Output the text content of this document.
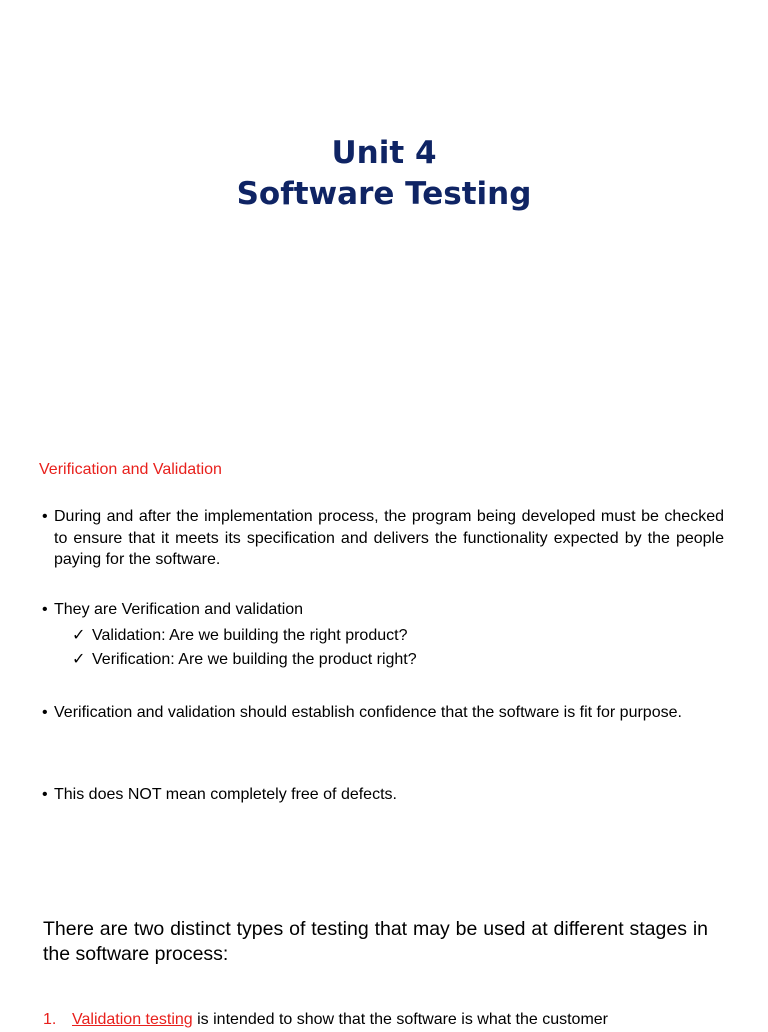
Unit 4
Software Testing
Verification and Validation
• During and after the implementation process, the program being developed must be checked to ensure that it meets its specification and delivers the functionality expected by the people paying for the software.
• They are Verification and validation
✓ Validation: Are we building the right product?
✓ Verification: Are we building the product right?
• Verification and validation should establish confidence that the software is fit for purpose.
• This does NOT mean completely free of defects.
There are two distinct types of testing that may be used at different stages in the software process:
1. Validation testing is intended to show that the software is what the customer
